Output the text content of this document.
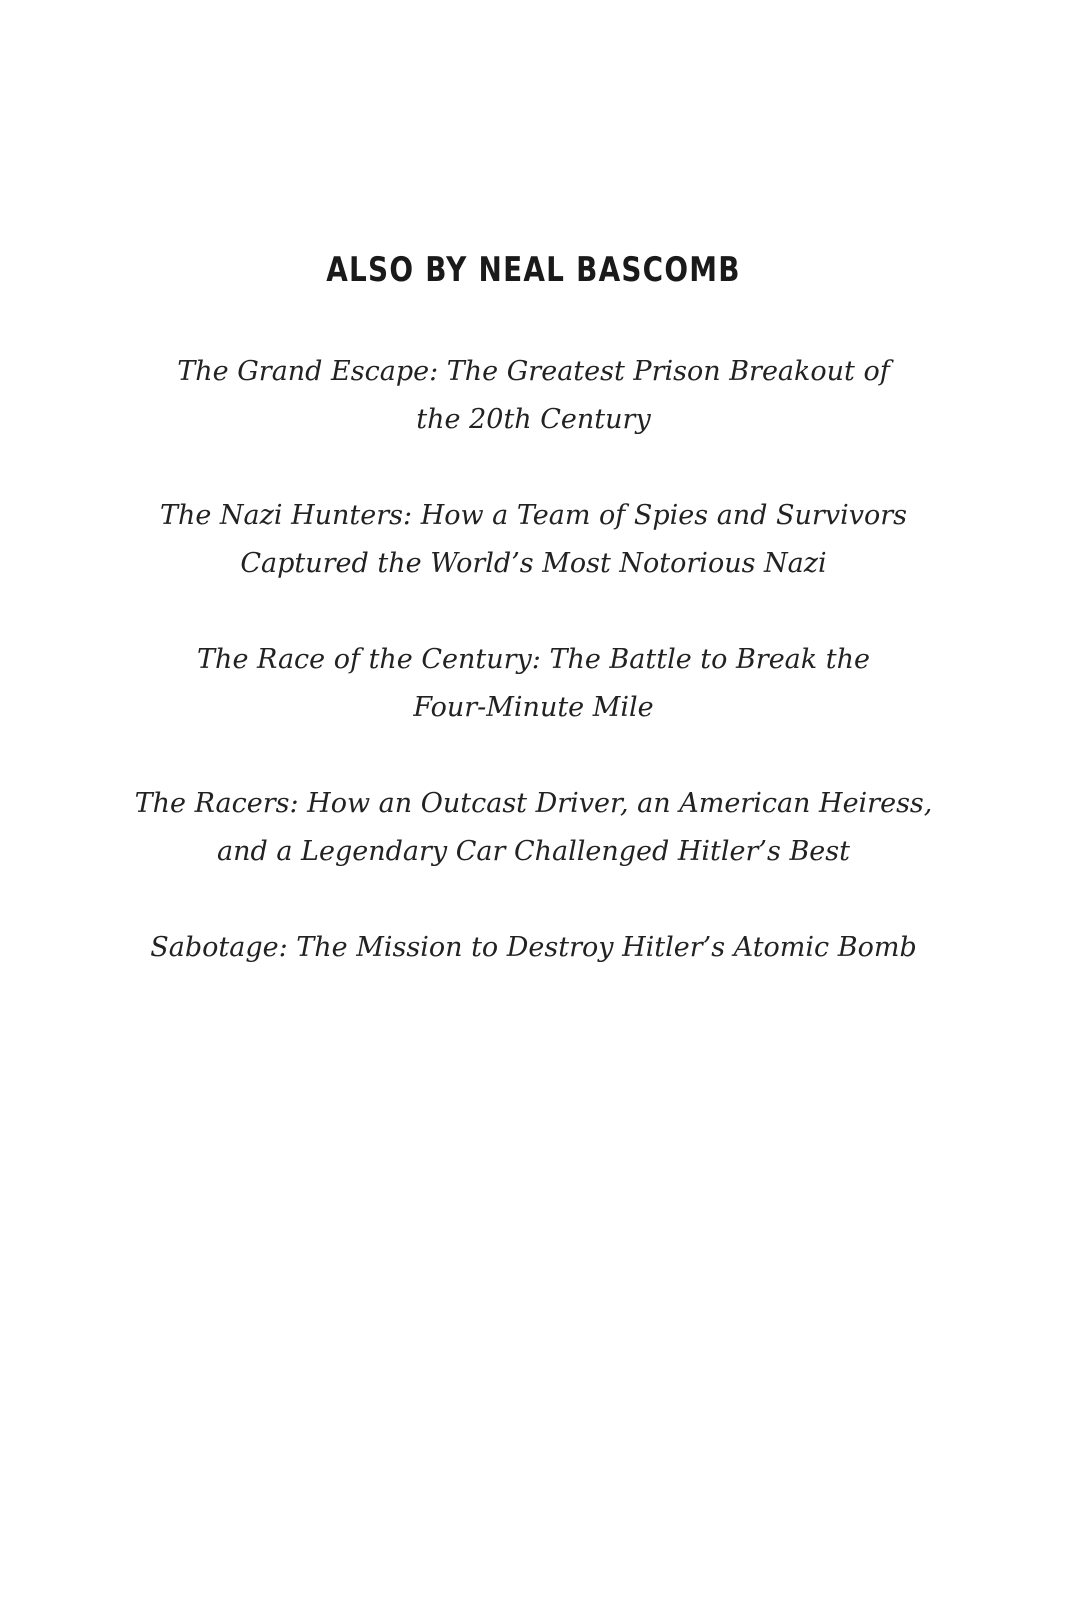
ALSO BY NEAL BASCOMB
The Grand Escape: The Greatest Prison Breakout of
the 20th Century
The Nazi Hunters: How a Team of Spies and Survivors
Captured the World’s Most Notorious Nazi
The Race of the Century: The Battle to Break the
Four-Minute Mile
The Racers: How an Outcast Driver, an American Heiress,
and a Legendary Car Challenged Hitler’s Best
Sabotage: The Mission to Destroy Hitler’s Atomic Bomb
